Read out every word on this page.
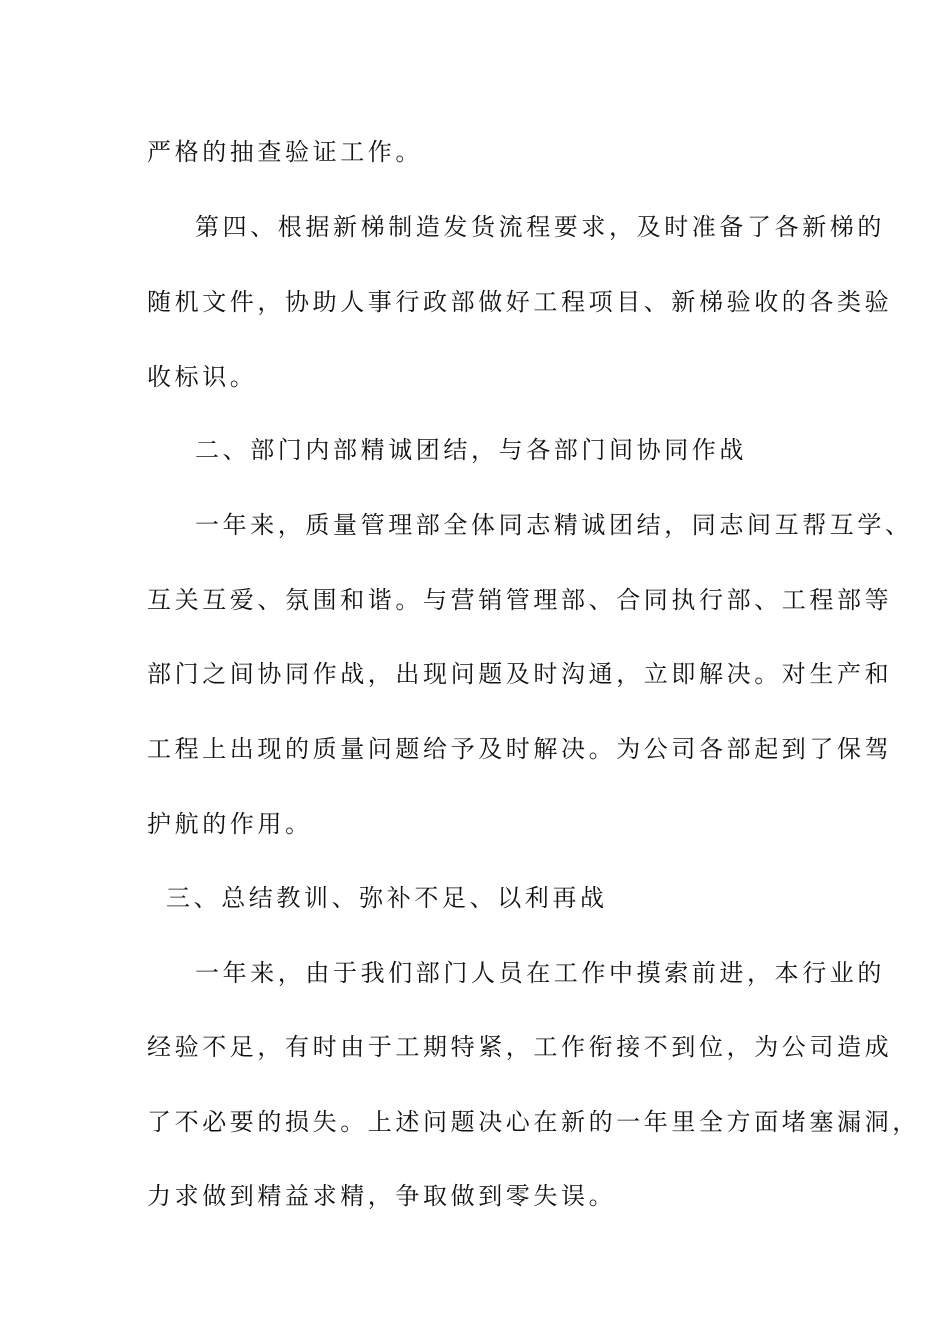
严格的抽查验证工作。

第四、根据新梯制造发货流程要求，及时准备了各新梯的

随机文件，协助人事行政部做好工程项目、新梯验收的各类验

收标识。

二、部门内部精诚团结，与各部门间协同作战

一年来，质量管理部全体同志精诚团结，同志间互帮互学、

互关互爱、氛围和谐。与营销管理部、合同执行部、工程部等

部门之间协同作战，出现问题及时沟通，立即解决。对生产和

工程上出现的质量问题给予及时解决。为公司各部起到了保驾

护航的作用。

三、总结教训、弥补不足、以利再战

一年来，由于我们部门人员在工作中摸索前进，本行业的

经验不足，有时由于工期特紧，工作衔接不到位，为公司造成

了不必要的损失。上述问题决心在新的一年里全方面堵塞漏洞，

力求做到精益求精，争取做到零失误。
